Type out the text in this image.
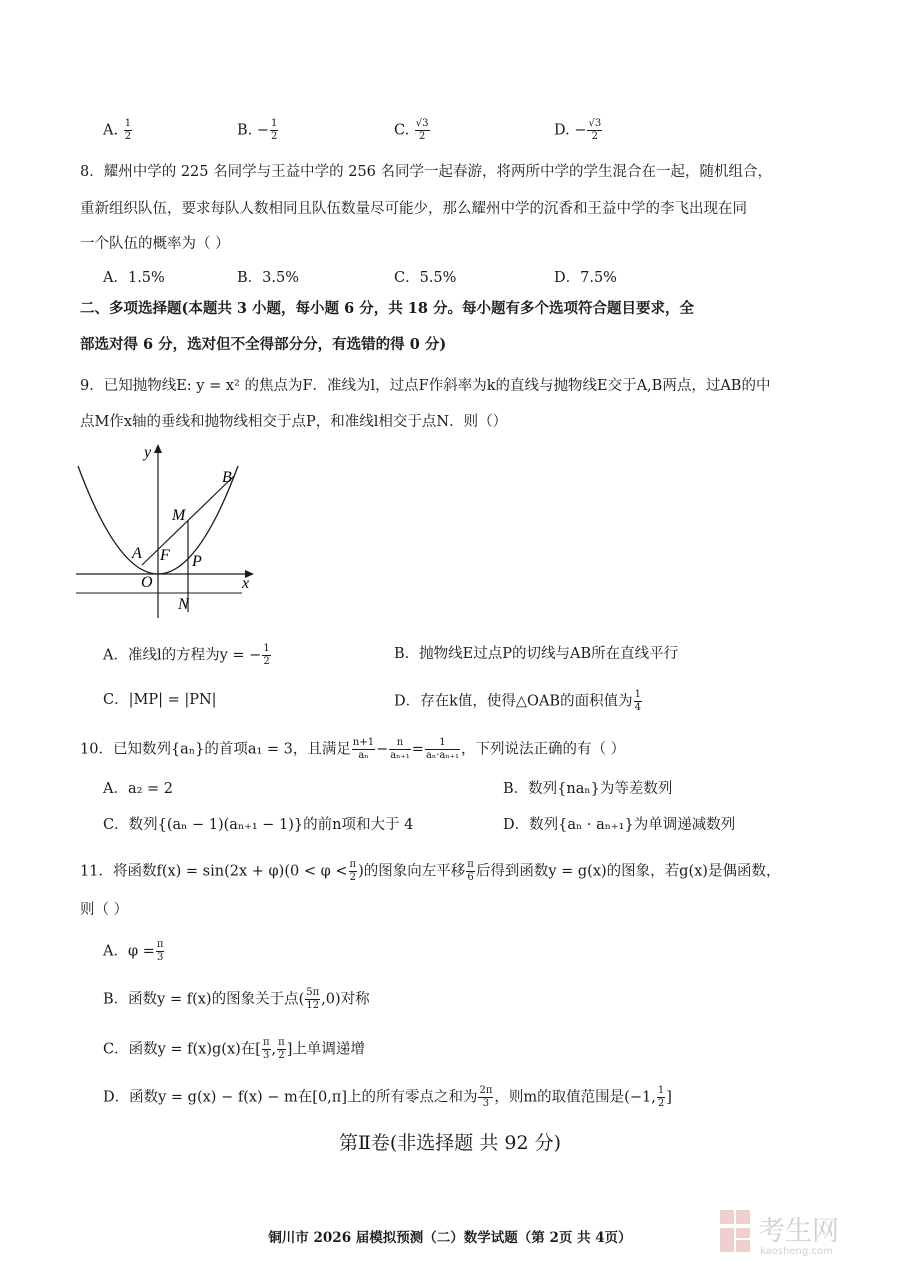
A. $\frac{1}{2}$	B. − $\frac{1}{2}$	C. $\frac{√3}{2}$	D. − $\frac{√3}{2}$
8．耀州中学的 225 名同学与王益中学的 256 名同学一起春游，将两所中学的学生混合在一起，随机组合，
重新组织队伍，要求每队人数相同且队伍数量尽可能少，那么耀州中学的沉香和王益中学的李飞出现在同
一个队伍的概率为（ ）
A．1.5%	B．3.5%	C．5.5%	D．7.5%
二、多项选择题(本题共 3 小题，每小题 6 分，共 18 分。每小题有多个选项符合题目要求，全
部选对得 6 分，选对但不全得部分分，有选错的得 0 分)
9．已知抛物线E: y = x² 的焦点为F．准线为l，过点F作斜率为k的直线与抛物线E交于A,B两点，过AB的中
点M作x轴的垂线和抛物线相交于点P，和准线l相交于点N．则（）
y
x
B
M
A F P
O
N
A．准线l的方程为y = − $\frac{1}{2}$	B．抛物线E过点P的切线与AB所在直线平行
C．|MP| = |PN|	D．存在k值，使得△OAB的面积值为 $\frac{1}{4}$
10．已知数列{aₙ}的首项a₁ = 3，且满足 $\frac{n+1}{\text{aₙ}} - \frac{n}{\text{aₙ₊₁}} = \frac{1}{\text{aₙ·aₙ₊₁}}$ ，下列说法正确的有（ ）
A．a₂ = 2	B．数列{naₙ}为等差数列
C．数列{(aₙ − 1)(aₙ₊₁ − 1)}的前n项和大于 4	D．数列{aₙ · aₙ₊₁}为单调递减数列
11．将函数$f(x) = \sin(2x + \varphi)(0 < \varphi < \frac{\pi}{2}$ )的图象向左平移 $\frac{\pi}{6}$ 后得到函数y = g(x)的图象，若g(x)是偶函数，
则（ ）
A．$\varphi = \frac{\pi}{3}$
B．函数y = f(x)的图象关于点( $\frac{5\pi}{12} ,0$)对称
C．函数y = f(x)g(x)在[ $\frac{\pi}{3}$ , $\frac{\pi}{2}$ ]上单调递增
D．函数y = g(x) − f(x) − m在[0,π]上的所有零点之和为 $\frac{2\pi}{3}$ ，则m的取值范围是(−1, $\frac{1}{2}$ ]
第Ⅱ卷(非选择题 共 92 分)
铜川市 2026 届模拟预测（二）数学试题（第 2页 共 4页）	考生网
kaosheng.com
